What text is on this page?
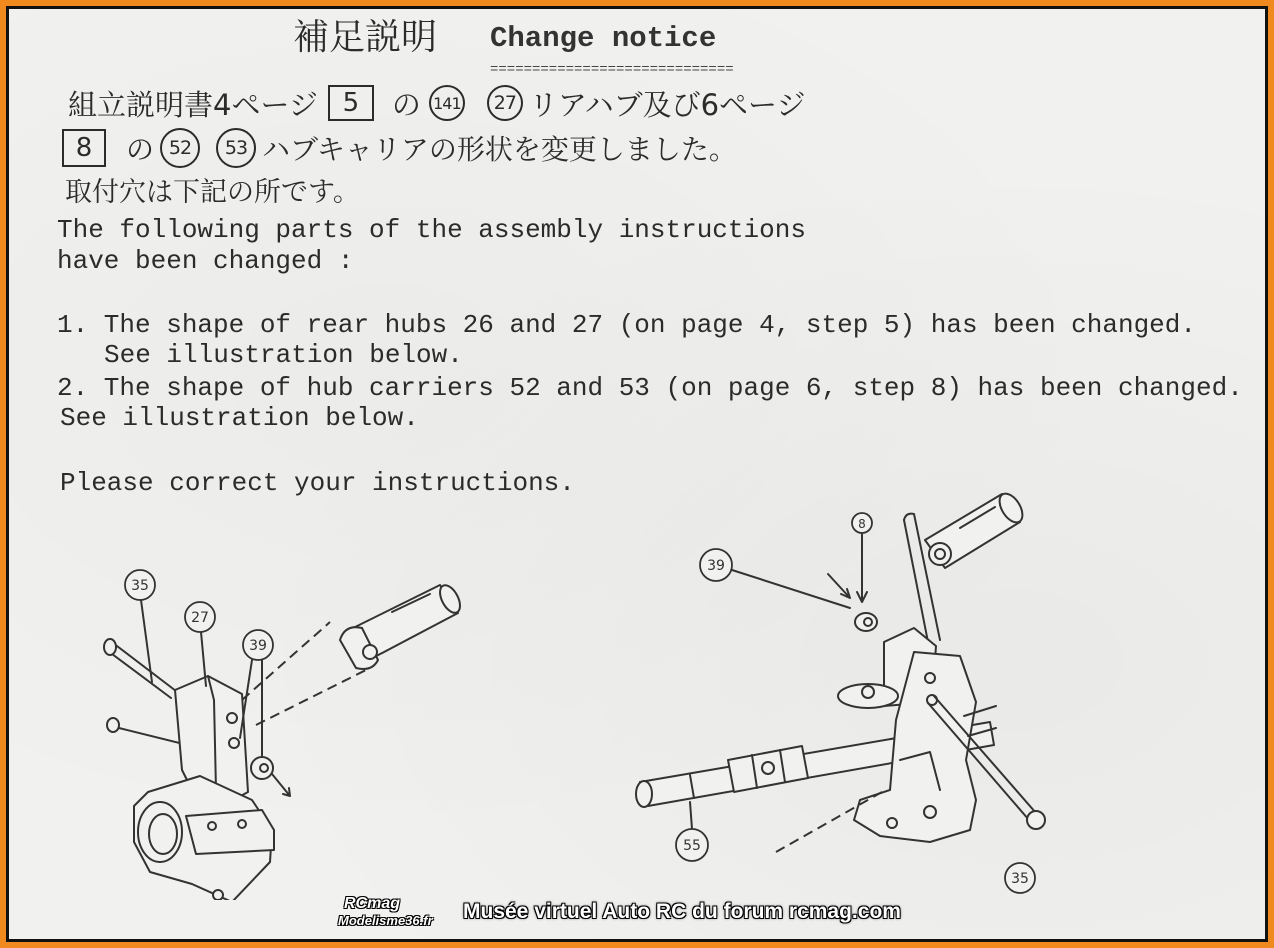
補足説明 Change notice
=============================
組立説明書4ページ 5	の 141	27 リアハブ及び6ページ
8	の 52	53 ハブキャリアの形状を変更しました。
取付穴は下記の所です。
The following parts of the assembly instructions
have been changed :
1. The shape of rear hubs 26 and 27 (on page 4, step 5) has been changed.
See illustration below.
2. The shape of hub carriers 52 and 53 (on page 6, step 8) has been changed.
See illustration below.
Please correct your instructions.
35
27
39
8
39
55
35
RCmag
Modelisme36.fr Musée virtuel Auto RC du forum rcmag.com
